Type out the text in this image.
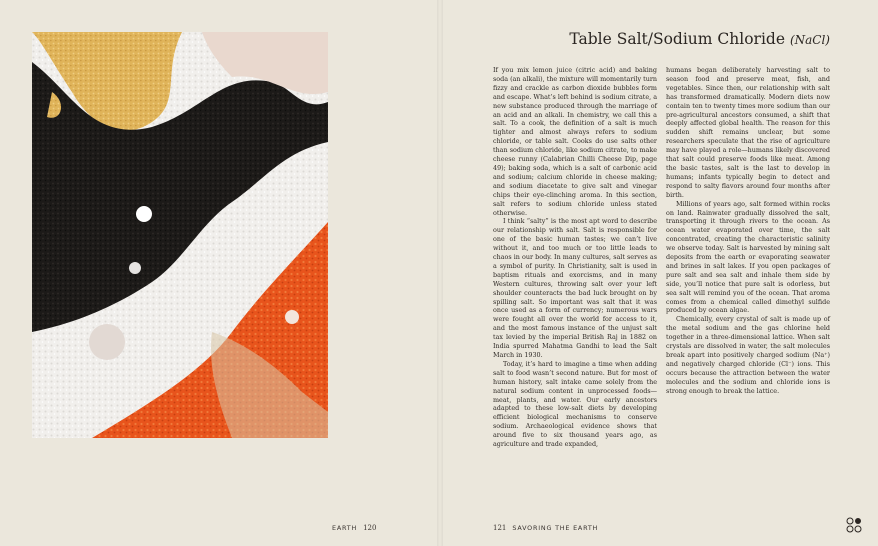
Table Salt/Sodium Chloride (NaCl)

If you mix lemon juice (citric acid) and baking soda (an alkali), the mixture will momentarily turn fizzy and crackle as carbon dioxide bubbles form and escape. What’s left behind is sodium citrate, a new substance produced through the marriage of an acid and an alkali. In chemistry, we call this a salt. To a cook, the definition of a salt is much tighter and almost always refers to sodium chloride, or table salt. Cooks do use salts other than sodium chloride, like sodium citrate, to make cheese runny (Calabrian Chilli Cheese Dip, page 49); baking soda, which is a salt of carbonic acid and sodium; calcium chloride in cheese making; and sodium diacetate to give salt and vinegar chips their eye-clinching aroma. In this section, salt refers to sodium chloride unless stated otherwise.

I think “salty” is the most apt word to describe our relationship with salt. Salt is responsible for one of the basic human tastes; we can’t live without it, and too much or too little leads to chaos in our body. In many cultures, salt serves as a symbol of purity. In Christianity, salt is used in baptism rituals and exorcisms, and in many Western cultures, throwing salt over your left shoulder counteracts the bad luck brought on by spilling salt. So important was salt that it was once used as a form of currency; numerous wars were fought all over the world for access to it, and the most famous instance of the unjust salt tax levied by the imperial British Raj in 1882 on India spurred Mahatma Gandhi to lead the Salt March in 1930.

Today, it’s hard to imagine a time when adding salt to food wasn’t second nature. But for most of human history, salt intake came solely from the natural sodium content in unprocessed foods—meat, plants, and water. Our early ancestors adapted to these low-salt diets by developing efficient biological mechanisms to conserve sodium. Archaeological evidence shows that around five to six thousand years ago, as agriculture and trade expanded,

humans began deliberately harvesting salt to season food and preserve meat, fish, and vegetables. Since then, our relationship with salt has transformed dramatically. Modern diets now contain ten to twenty times more sodium than our pre-agricultural ancestors consumed, a shift that deeply affected global health. The reason for this sudden shift remains unclear, but some researchers speculate that the rise of agriculture may have played a role—humans likely discovered that salt could preserve foods like meat. Among the basic tastes, salt is the last to develop in humans; infants typically begin to detect and respond to salty flavors around four months after birth.

Millions of years ago, salt formed within rocks on land. Rainwater gradually dissolved the salt, transporting it through rivers to the ocean. As ocean water evaporated over time, the salt concentrated, creating the characteristic salinity we observe today. Salt is harvested by mining salt deposits from the earth or evaporating seawater and brines in salt lakes. If you open packages of pure salt and sea salt and inhale them side by side, you’ll notice that pure salt is odorless, but sea salt will remind you of the ocean. That aroma comes from a chemical called dimethyl sulfide produced by ocean algae.

Chemically, every crystal of salt is made up of the metal sodium and the gas chlorine held together in a three-dimensional lattice. When salt crystals are dissolved in water, the salt molecules break apart into positively charged sodium (Na⁺) and negatively charged chloride (Cl⁻) ions. This occurs because the attraction between the water molecules and the sodium and chloride ions is strong enough to break the lattice.

EARTH 120	121 SAVORING THE EARTH
